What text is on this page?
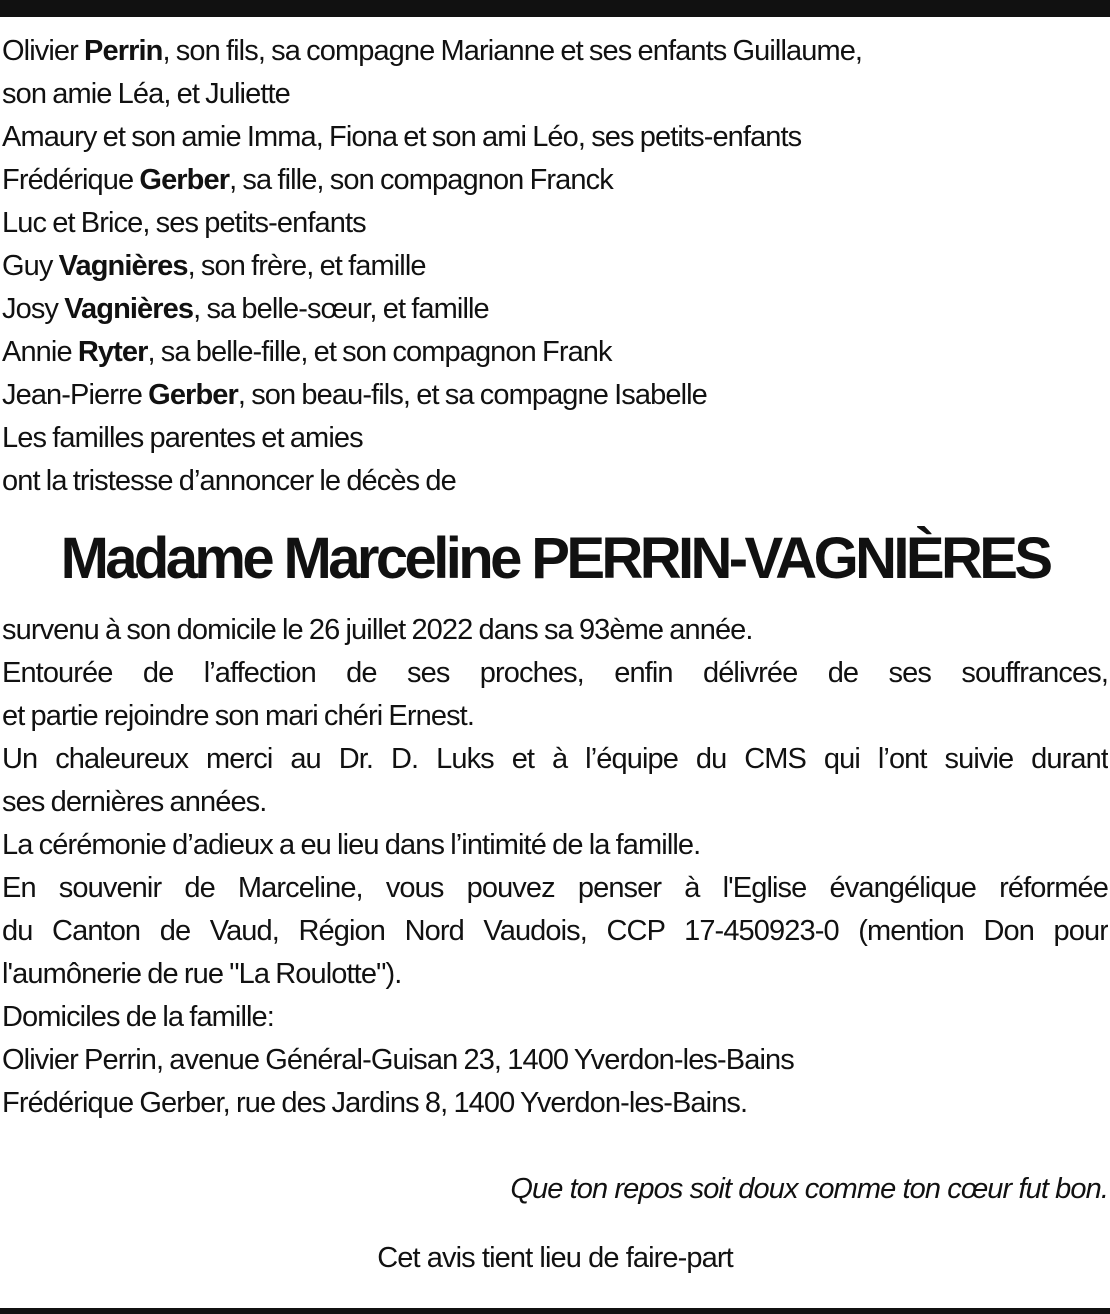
Olivier Perrin, son fils, sa compagne Marianne et ses enfants Guillaume,
son amie Léa, et Juliette
Amaury et son amie Imma, Fiona et son ami Léo, ses petits-enfants
Frédérique Gerber, sa fille, son compagnon Franck
Luc et Brice, ses petits-enfants
Guy Vagnières, son frère, et famille
Josy Vagnières, sa belle-sœur, et famille
Annie Ryter, sa belle-fille, et son compagnon Frank
Jean-Pierre Gerber, son beau-fils, et sa compagne Isabelle
Les familles parentes et amies
ont la tristesse d’annoncer le décès de
Madame Marceline PERRIN-VAGNIÈRES
survenu à son domicile le 26 juillet 2022 dans sa 93ème année.
Entourée de l’affection de ses proches, enfin délivrée de ses souffrances,
et partie rejoindre son mari chéri Ernest.
Un chaleureux merci au Dr. D. Luks et à l’équipe du CMS qui l’ont suivie durant
ses dernières années.
La cérémonie d’adieux a eu lieu dans l’intimité de la famille.
En souvenir de Marceline, vous pouvez penser à l'Eglise évangélique réformée
du Canton de Vaud, Région Nord Vaudois, CCP 17-450923-0 (mention Don pour
l'aumônerie de rue "La Roulotte").
Domiciles de la famille:
Olivier Perrin, avenue Général-Guisan 23, 1400 Yverdon-les-Bains
Frédérique Gerber, rue des Jardins 8, 1400 Yverdon-les-Bains.
Que ton repos soit doux comme ton cœur fut bon.
Cet avis tient lieu de faire-part
